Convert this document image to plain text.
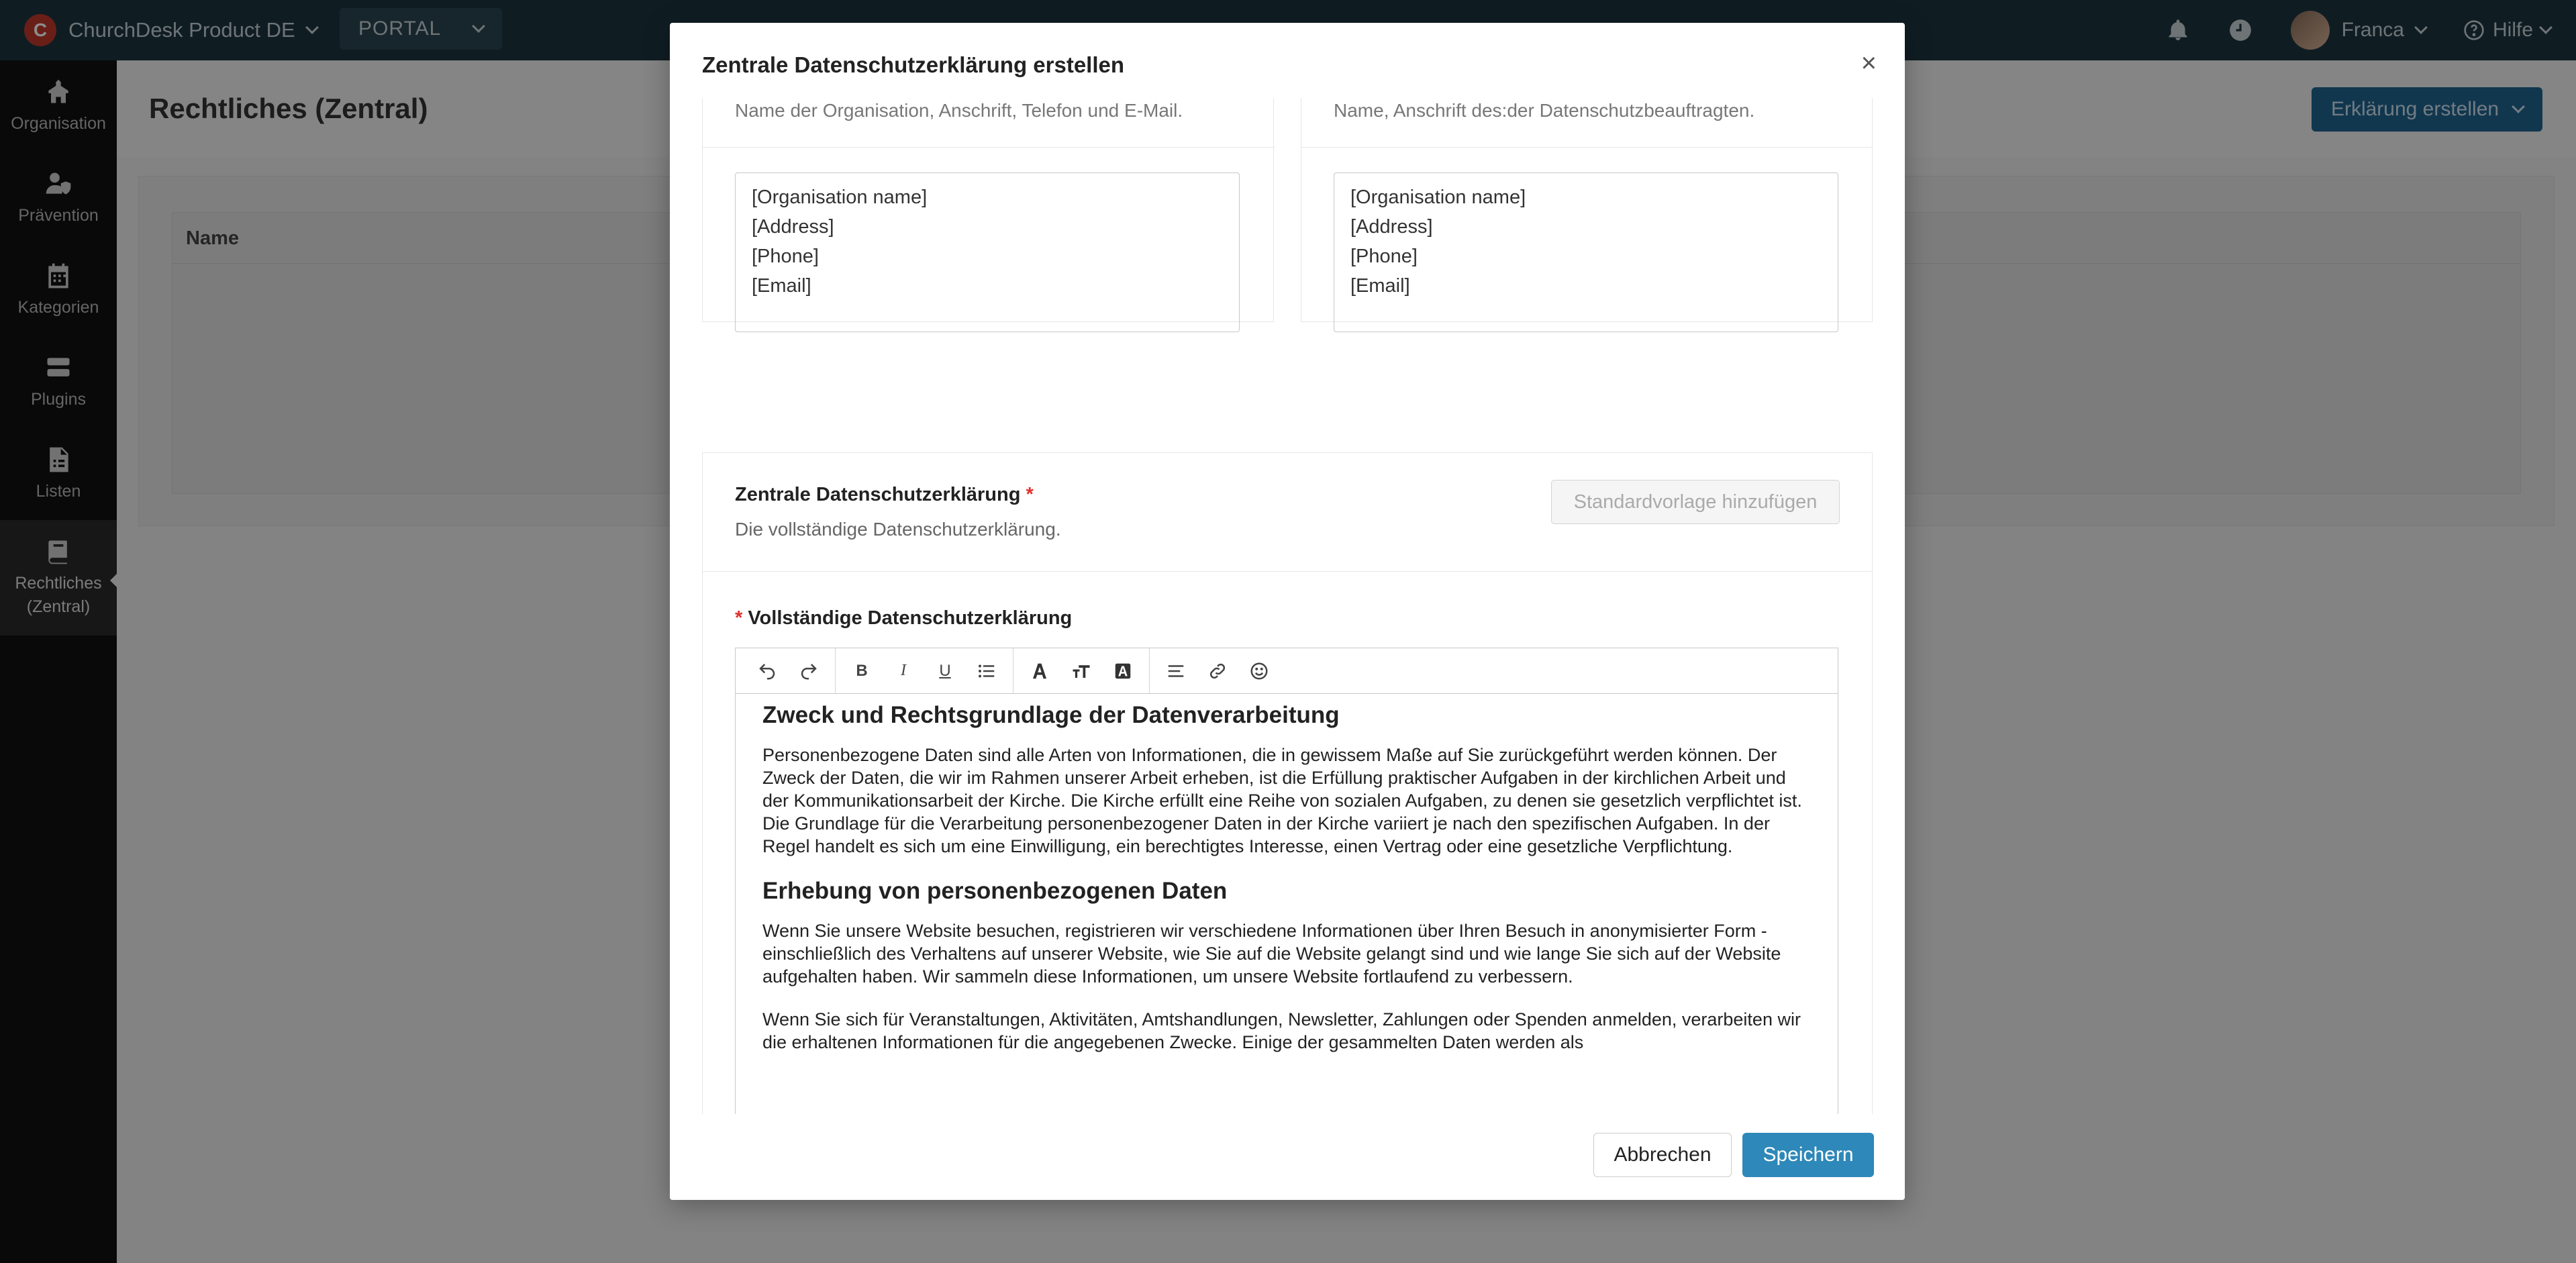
C	ChurchDesk Product DE	PORTAL	Franca	Hilfe
Organisation
Prävention
Kategorien
Plugins
Listen
Rechtliches
(Zentral)
Rechtliches (Zentral)	Erklärung erstellen
Name
Zentrale Datenschutzerklärung erstellen	×
Name der Organisation, Anschrift, Telefon und E-Mail.
[Organisation name]
[Address]
[Phone]
[Email]
Name, Anschrift des:der Datenschutzbeauftragten.
[Organisation name]
[Address]
[Phone]
[Email]
Zentrale Datenschutzerklärung *
Die vollständige Datenschutzerklärung.
Standardvorlage hinzufügen
* Vollständige Datenschutzerklärung
B	I	U
Zweck und Rechtsgrundlage der Datenverarbeitung

Personenbezogene Daten sind alle Arten von Informationen, die in gewissem Maße auf Sie zurückgeführt werden können. Der Zweck der Daten, die wir im Rahmen unserer Arbeit erheben, ist die Erfüllung praktischer Aufgaben in der kirchlichen Arbeit und der Kommunikationsarbeit der Kirche. Die Kirche erfüllt eine Reihe von sozialen Aufgaben, zu denen sie gesetzlich verpflichtet ist. Die Grundlage für die Verarbeitung personenbezogener Daten in der Kirche variiert je nach den spezifischen Aufgaben. In der Regel handelt es sich um eine Einwilligung, ein berechtigtes Interesse, einen Vertrag oder eine gesetzliche Verpflichtung.

Erhebung von personenbezogenen Daten

Wenn Sie unsere Website besuchen, registrieren wir verschiedene Informationen über Ihren Besuch in anonymisierter Form - einschließlich des Verhaltens auf unserer Website, wie Sie auf die Website gelangt sind und wie lange Sie sich auf der Website aufgehalten haben. Wir sammeln diese Informationen, um unsere Website fortlaufend zu verbessern.

Wenn Sie sich für Veranstaltungen, Aktivitäten, Amtshandlungen, Newsletter, Zahlungen oder Spenden anmelden, verarbeiten wir die erhaltenen Informationen für die angegebenen Zwecke. Einige der gesammelten Daten werden als

Abbrechen	Speichern
